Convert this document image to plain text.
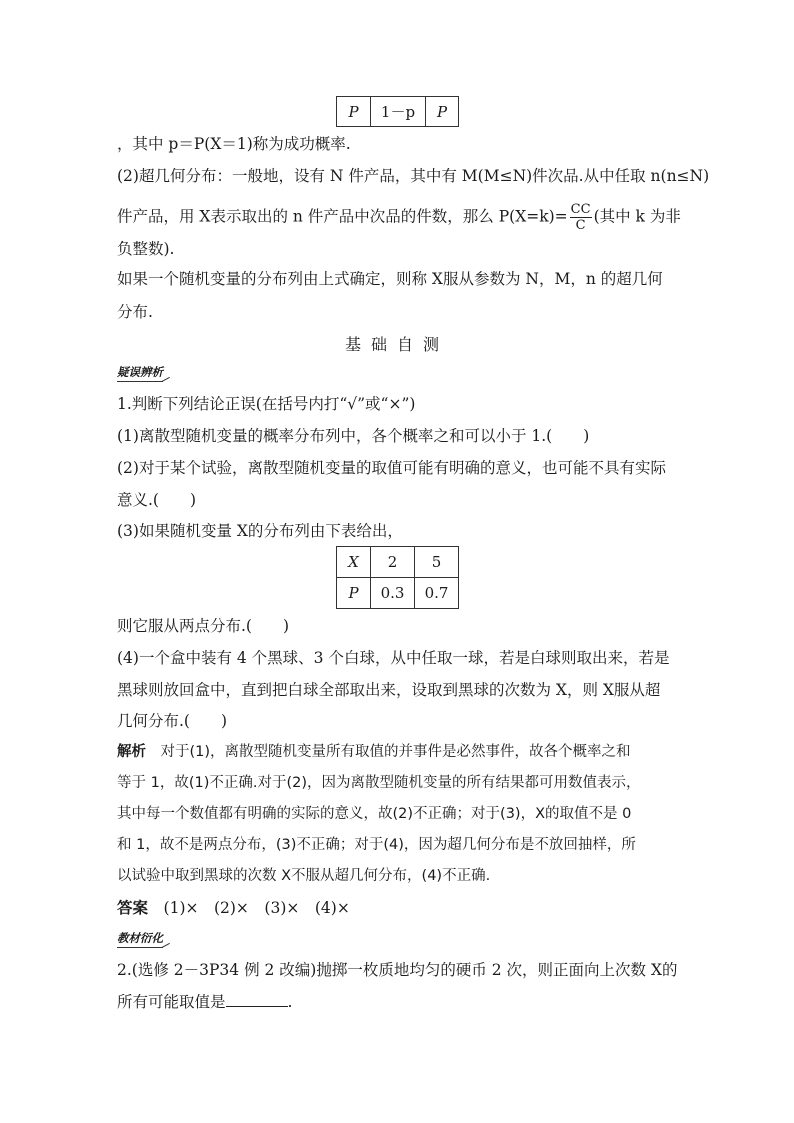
P	1－p	P
，其中 p＝P(X＝1)称为成功概率.
(2)超几何分布：一般地，设有 N 件产品，其中有 M(M≤N)件次品.从中任取 n(n≤N)
件产品，用 X表示取出的 n 件产品中次品的件数，那么 $P(X=k)= \frac{CC}{C}$ (其中 k 为非
负整数).
如果一个随机变量的分布列由上式确定，则称 X服从参数为 N，M，n 的超几何
分布.
基础自测
疑误辨析
1.判断下列结论正误(在括号内打“√”或“×”)
(1)离散型随机变量的概率分布列中，各个概率之和可以小于 1.(　　)
(2)对于某个试验，离散型随机变量的取值可能有明确的意义，也可能不具有实际
意义.(　　)
(3)如果随机变量 X的分布列由下表给出，
X	2	5
P	0.3	0.7
则它服从两点分布.(　　)
(4)一个盒中装有 4 个黑球、3 个白球，从中任取一球，若是白球则取出来，若是
黑球则放回盒中，直到把白球全部取出来，设取到黑球的次数为 X，则 X服从超
几何分布.(　　)
解析　 对于(1)，离散型随机变量所有取值的并事件是必然事件，故各个概率之和
等于 1，故(1)不正确.对于(2)，因为离散型随机变量的所有结果都可用数值表示，
其中每一个数值都有明确的实际的意义，故(2)不正确；对于(3)，X的取值不是 0
和 1，故不是两点分布，(3)不正确；对于(4)，因为超几何分布是不放回抽样，所
以试验中取到黑球的次数 X不服从超几何分布，(4)不正确.
答案　 (1)×　(2)×　(3)×　(4)×
教材衍化
2.(选修 2－3P34 例 2 改编)抛掷一枚质地均匀的硬币 2 次，则正面向上次数 X的
所有可能取值是	.
